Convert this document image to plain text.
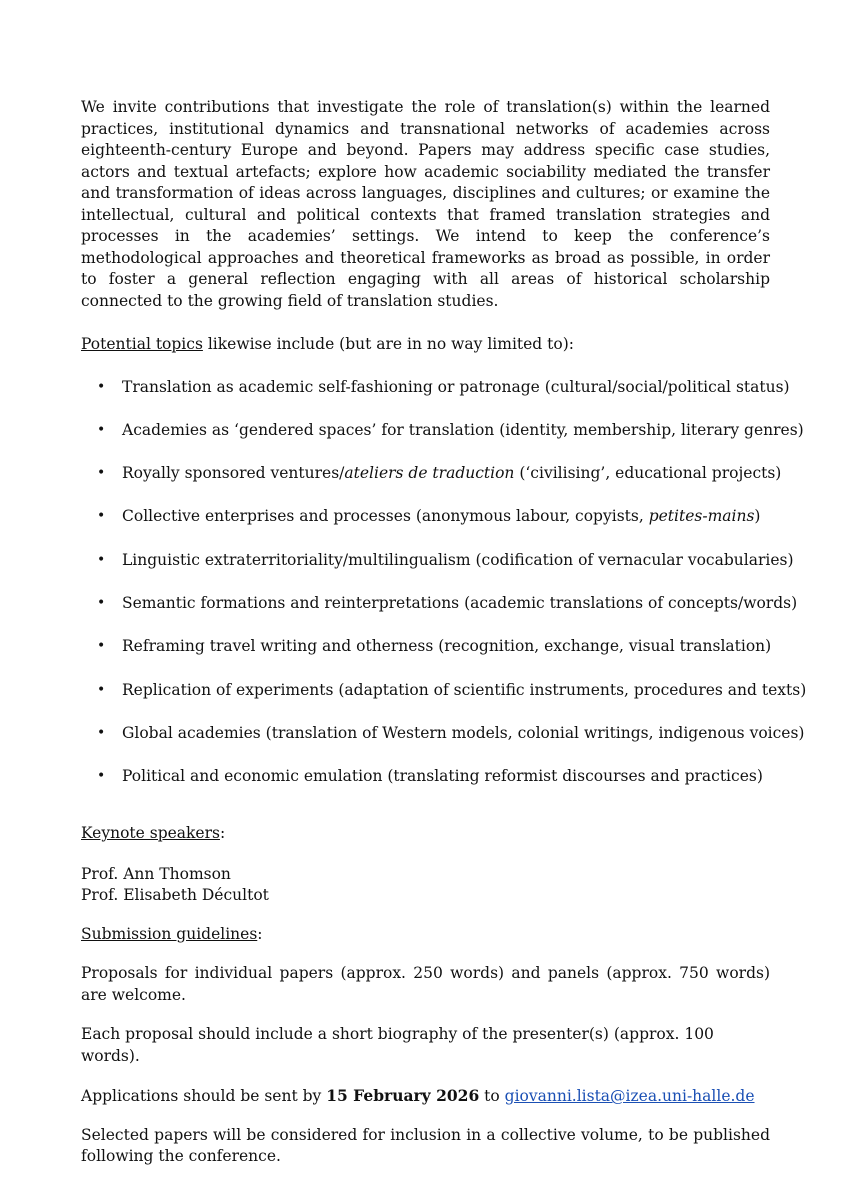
We invite contributions that investigate the role of translation(s) within the learned practices, institutional dynamics and transnational networks of academies across eighteenth-century Europe and beyond. Papers may address specific case studies, actors and textual artefacts; explore how academic sociability mediated the transfer and transformation of ideas across languages, disciplines and cultures; or examine the intellectual, cultural and political contexts that framed translation strategies and processes in the academies’ settings. We intend to keep the conference’s methodological approaches and theoretical frameworks as broad as possible, in order to foster a general reflection engaging with all areas of historical scholarship connected to the growing field of translation studies.

Potential topics likewise include (but are in no way limited to):

• Translation as academic self-fashioning or patronage (cultural/social/political status)
• Academies as ‘gendered spaces’ for translation (identity, membership, literary genres)
• Royally sponsored ventures/ateliers de traduction (‘civilising’, educational projects)
• Collective enterprises and processes (anonymous labour, copyists, petites-mains)
• Linguistic extraterritoriality/multilingualism (codification of vernacular vocabularies)
• Semantic formations and reinterpretations (academic translations of concepts/words)
• Reframing travel writing and otherness (recognition, exchange, visual translation)
• Replication of experiments (adaptation of scientific instruments, procedures and texts)
• Global academies (translation of Western models, colonial writings, indigenous voices)
• Political and economic emulation (translating reformist discourses and practices)

Keynote speakers:

Prof. Ann Thomson

Prof. Elisabeth Décultot

Submission guidelines:

Proposals for individual papers (approx. 250 words) and panels (approx. 750 words) are welcome.

Each proposal should include a short biography of the presenter(s) (approx. 100 words).

Applications should be sent by 15 February 2026 to giovanni.lista@izea.uni-halle.de

Selected papers will be considered for inclusion in a collective volume, to be published following the conference.
